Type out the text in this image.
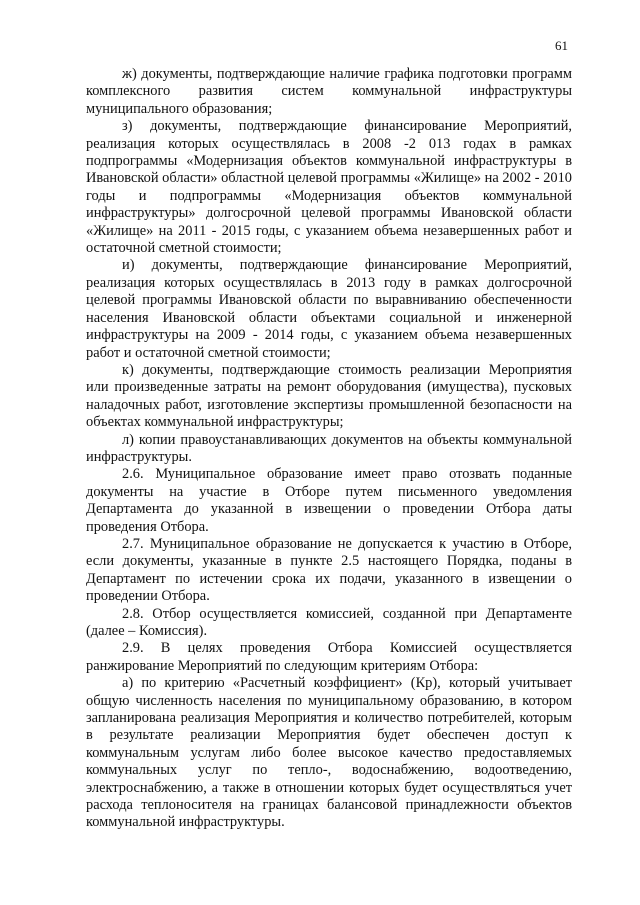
61

ж) документы, подтверждающие наличие графика подготовки программ комплексного развития систем коммунальной инфраструктуры муниципального образования;

з) документы, подтверждающие финансирование Мероприятий, реализация которых осуществлялась в 2008 -2 013 годах в рамках подпрограммы «Модернизация объектов коммунальной инфраструктуры в Ивановской области» областной целевой программы «Жилище» на 2002 - 2010 годы и подпрограммы «Модернизация объектов коммунальной инфраструктуры» долгосрочной целевой программы Ивановской области «Жилище» на 2011 - 2015 годы, с указанием объема незавершенных работ и остаточной сметной стоимости;

и) документы, подтверждающие финансирование Мероприятий, реализация которых осуществлялась в 2013 году в рамках долгосрочной целевой программы Ивановской области по выравниванию обеспеченности населения Ивановской области объектами социальной и инженерной инфраструктуры на 2009 - 2014 годы, с указанием объема незавершенных работ и остаточной сметной стоимости;

к) документы, подтверждающие стоимость реализации Мероприятия или произведенные затраты на ремонт оборудования (имущества), пусковых наладочных работ, изготовление экспертизы промышленной безопасности на объектах коммунальной инфраструктуры;

л) копии правоустанавливающих документов на объекты коммунальной инфраструктуры.

2.6. Муниципальное образование имеет право отозвать поданные документы на участие в Отборе путем письменного уведомления Департамента до указанной в извещении о проведении Отбора даты проведения Отбора.

2.7. Муниципальное образование не допускается к участию в Отборе, если документы, указанные в пункте 2.5 настоящего Порядка, поданы в Департамент по истечении срока их подачи, указанного в извещении о проведении Отбора.

2.8. Отбор осуществляется комиссией, созданной при Департаменте (далее – Комиссия).

2.9. В целях проведения Отбора Комиссией осуществляется ранжирование Мероприятий по следующим критериям Отбора:

а) по критерию «Расчетный коэффициент» (Кр), который учитывает общую численность населения по муниципальному образованию, в котором запланирована реализация Мероприятия и количество потребителей, которым в результате реализации Мероприятия будет обеспечен доступ к коммунальным услугам либо более высокое качество предоставляемых коммунальных услуг по тепло-, водоснабжению, водоотведению, электроснабжению, а также в отношении которых будет осуществляться учет расхода теплоносителя на границах балансовой принадлежности объектов коммунальной инфраструктуры.
